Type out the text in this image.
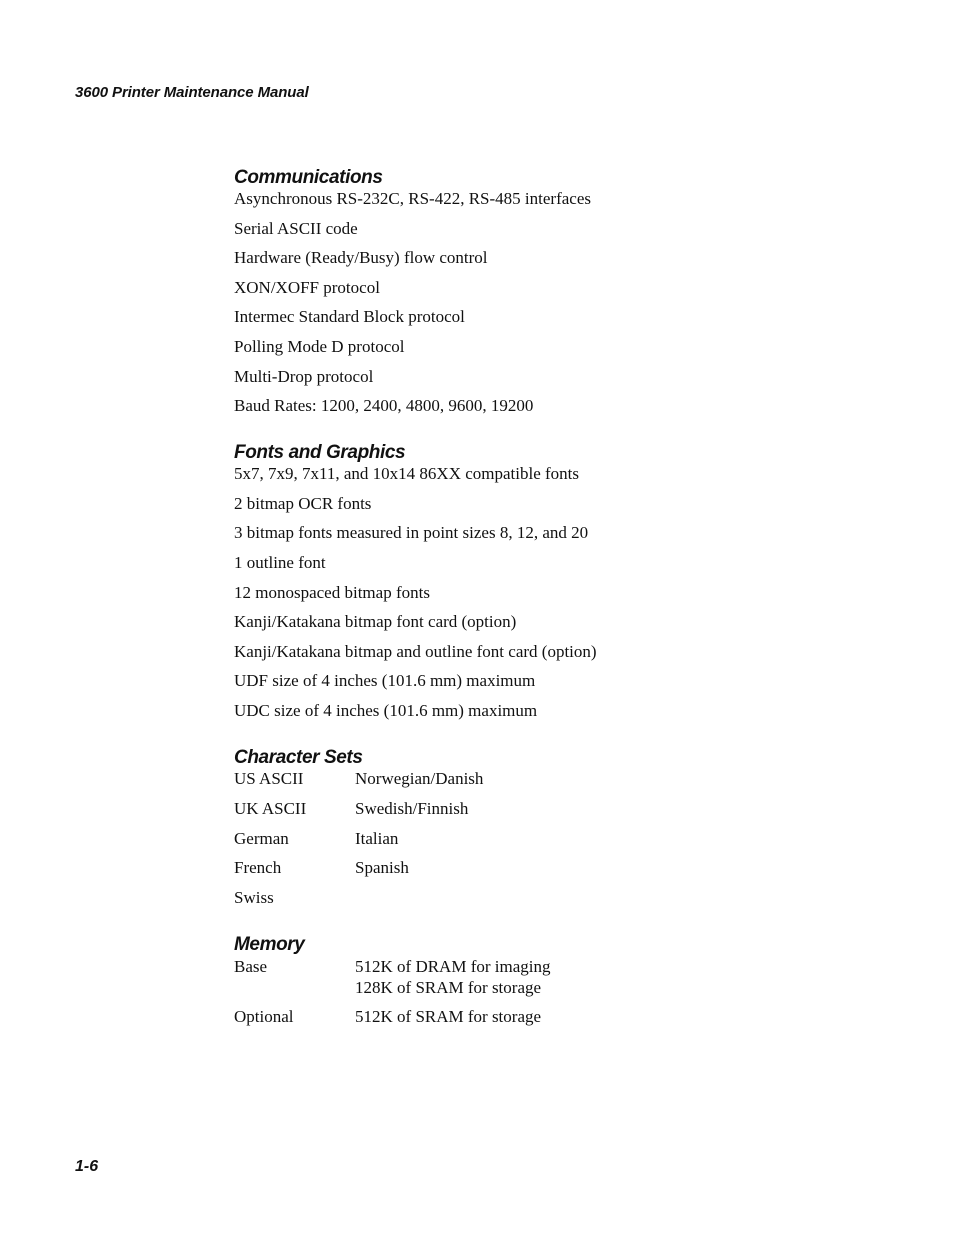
3600 Printer Maintenance Manual
Communications
Asynchronous RS-232C, RS-422, RS-485 interfaces
Serial ASCII code
Hardware (Ready/Busy) flow control
XON/XOFF protocol
Intermec Standard Block protocol
Polling Mode D protocol
Multi-Drop protocol
Baud Rates: 1200, 2400, 4800, 9600, 19200
Fonts and Graphics
5x7, 7x9, 7x11, and 10x14 86XX compatible fonts
2 bitmap OCR fonts
3 bitmap fonts measured in point sizes 8, 12, and 20
1 outline font
12 monospaced bitmap fonts
Kanji/Katakana bitmap font card (option)
Kanji/Katakana bitmap and outline font card (option)
UDF size of 4 inches (101.6 mm) maximum
UDC size of 4 inches (101.6 mm) maximum
Character Sets
US ASCII	Norwegian/Danish
UK ASCII	Swedish/Finnish
German	Italian
French	Spanish
Swiss
Memory
Base	512K of DRAM for imaging
128K of SRAM for storage
Optional	512K of SRAM for storage
1-6
